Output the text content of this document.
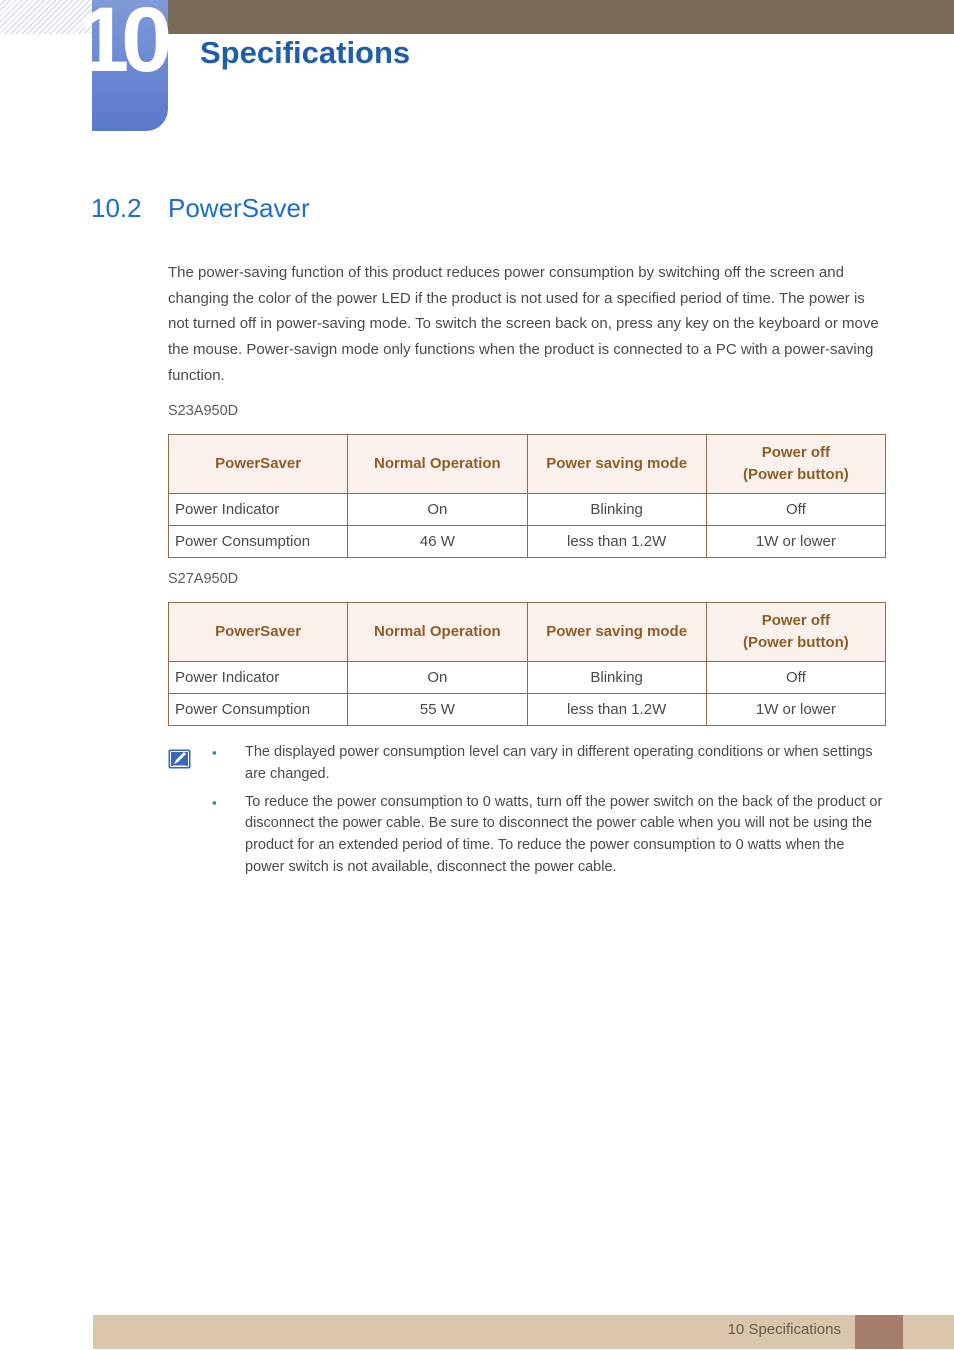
10 Specifications
10.2 PowerSaver

The power-saving function of this product reduces power consumption by switching off the screen and changing the color of the power LED if the product is not used for a specified period of time. The power is not turned off in power-saving mode. To switch the screen back on, press any key on the keyboard or move the mouse. Power-savign mode only functions when the product is connected to a PC with a power-saving function.

S23A950D
PowerSaver	Normal Operation	Power saving mode	Power off
(Power button)
Power Indicator	On	Blinking	Off
Power Consumption	46 W	less than 1.2W	1W or lower
S27A950D
PowerSaver	Normal Operation	Power saving mode	Power off
(Power button)
Power Indicator	On	Blinking	Off
Power Consumption	55 W	less than 1.2W	1W or lower
▪ The displayed power consumption level can vary in different operating conditions or when settings are changed.
▪ To reduce the power consumption to 0 watts, turn off the power switch on the back of the product or disconnect the power cable. Be sure to disconnect the power cable when you will not be using the product for an extended period of time. To reduce the power consumption to 0 watts when the power switch is not available, disconnect the power cable.
10 Specifications
